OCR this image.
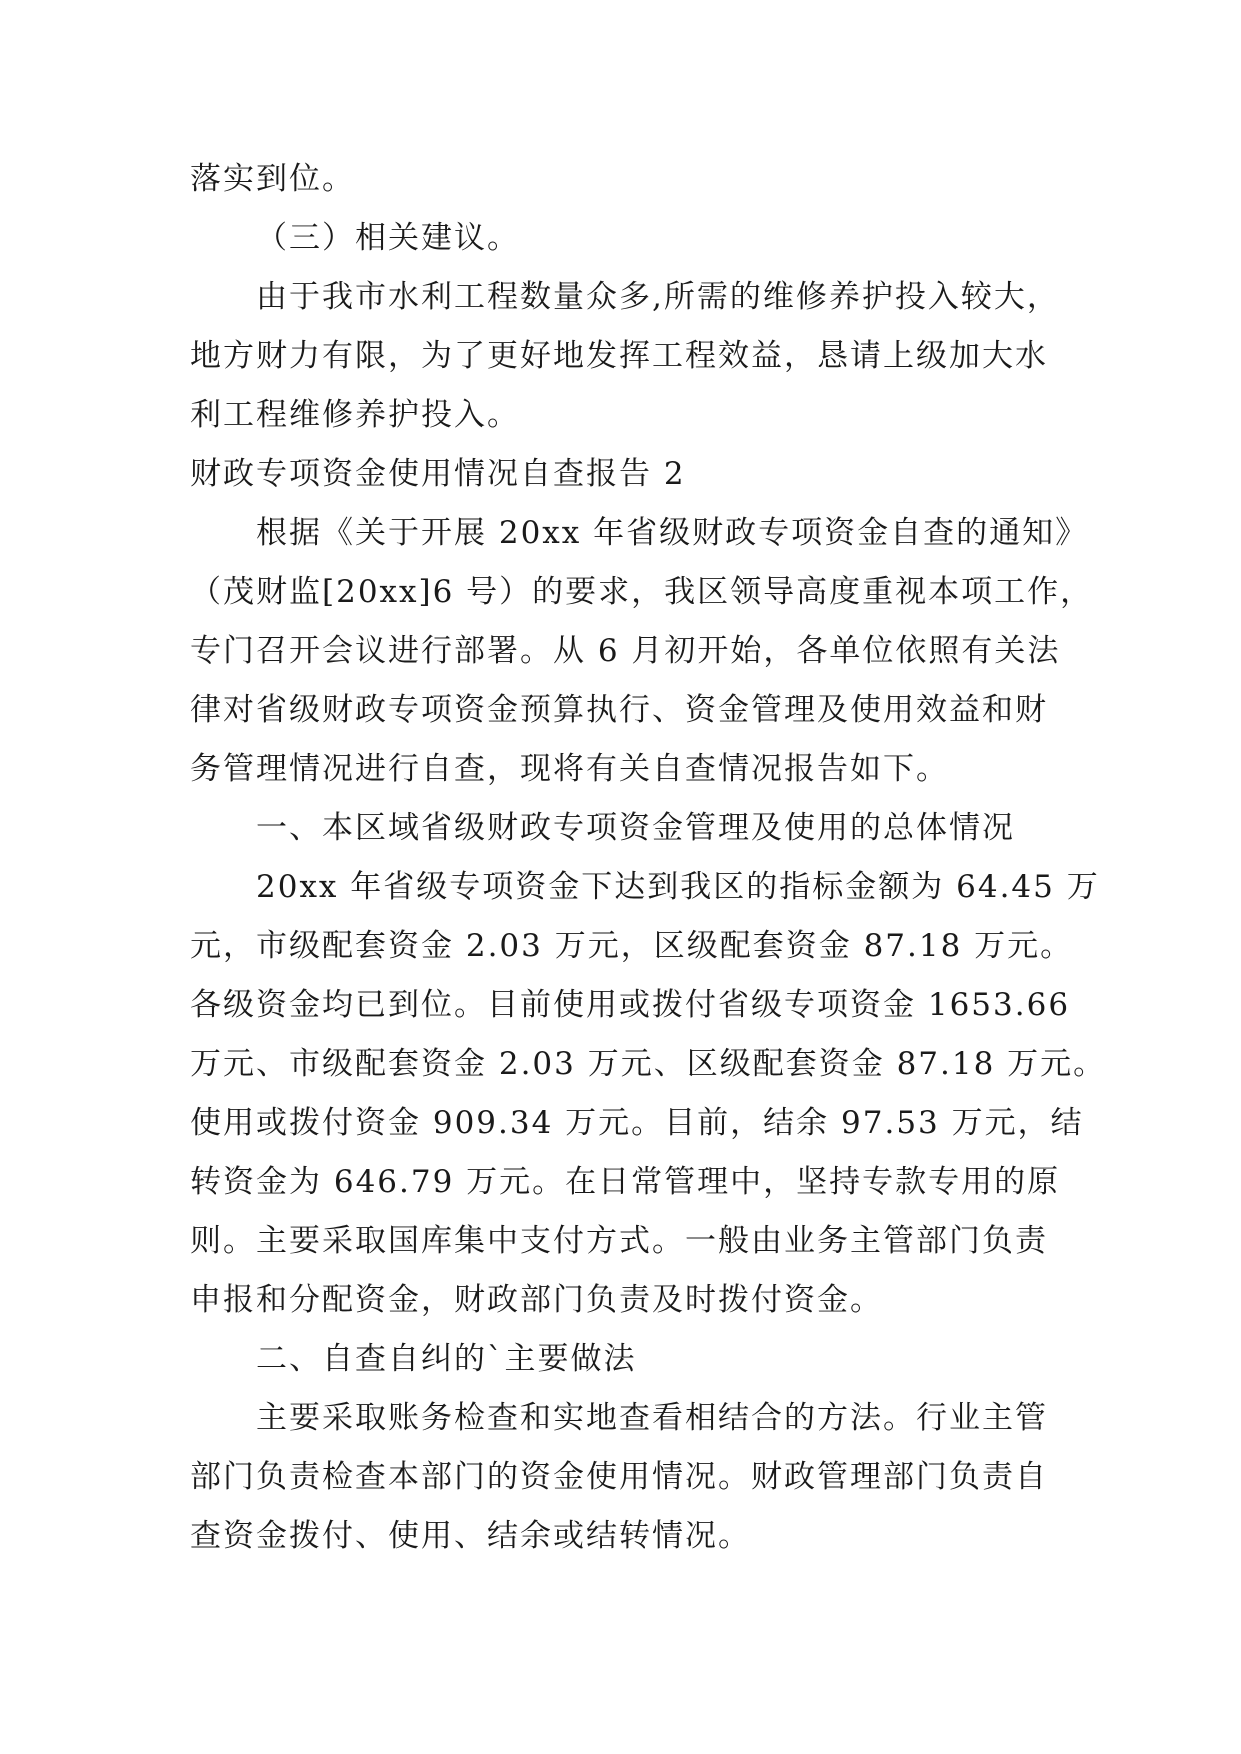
落实到位。
（三）相关建议。
由于我市水利工程数量众多,所需的维修养护投入较大，
地方财力有限，为了更好地发挥工程效益，恳请上级加大水
利工程维修养护投入。
财政专项资金使用情况自查报告 2
根据《关于开展 20xx 年省级财政专项资金自查的通知》
（茂财监[20xx]6 号）的要求，我区领导高度重视本项工作，
专门召开会议进行部署。从 6 月初开始，各单位依照有关法
律对省级财政专项资金预算执行、资金管理及使用效益和财
务管理情况进行自查，现将有关自查情况报告如下。
一、本区域省级财政专项资金管理及使用的总体情况
20xx 年省级专项资金下达到我区的指标金额为 64.45 万
元，市级配套资金 2.03 万元，区级配套资金 87.18 万元。
各级资金均已到位。目前使用或拨付省级专项资金 1653.66
万元、市级配套资金 2.03 万元、区级配套资金 87.18 万元。
使用或拨付资金 909.34 万元。目前，结余 97.53 万元，结
转资金为 646.79 万元。在日常管理中，坚持专款专用的原
则。主要采取国库集中支付方式。一般由业务主管部门负责
申报和分配资金，财政部门负责及时拨付资金。
二、自查自纠的`主要做法
主要采取账务检查和实地查看相结合的方法。行业主管
部门负责检查本部门的资金使用情况。财政管理部门负责自
查资金拨付、使用、结余或结转情况。
